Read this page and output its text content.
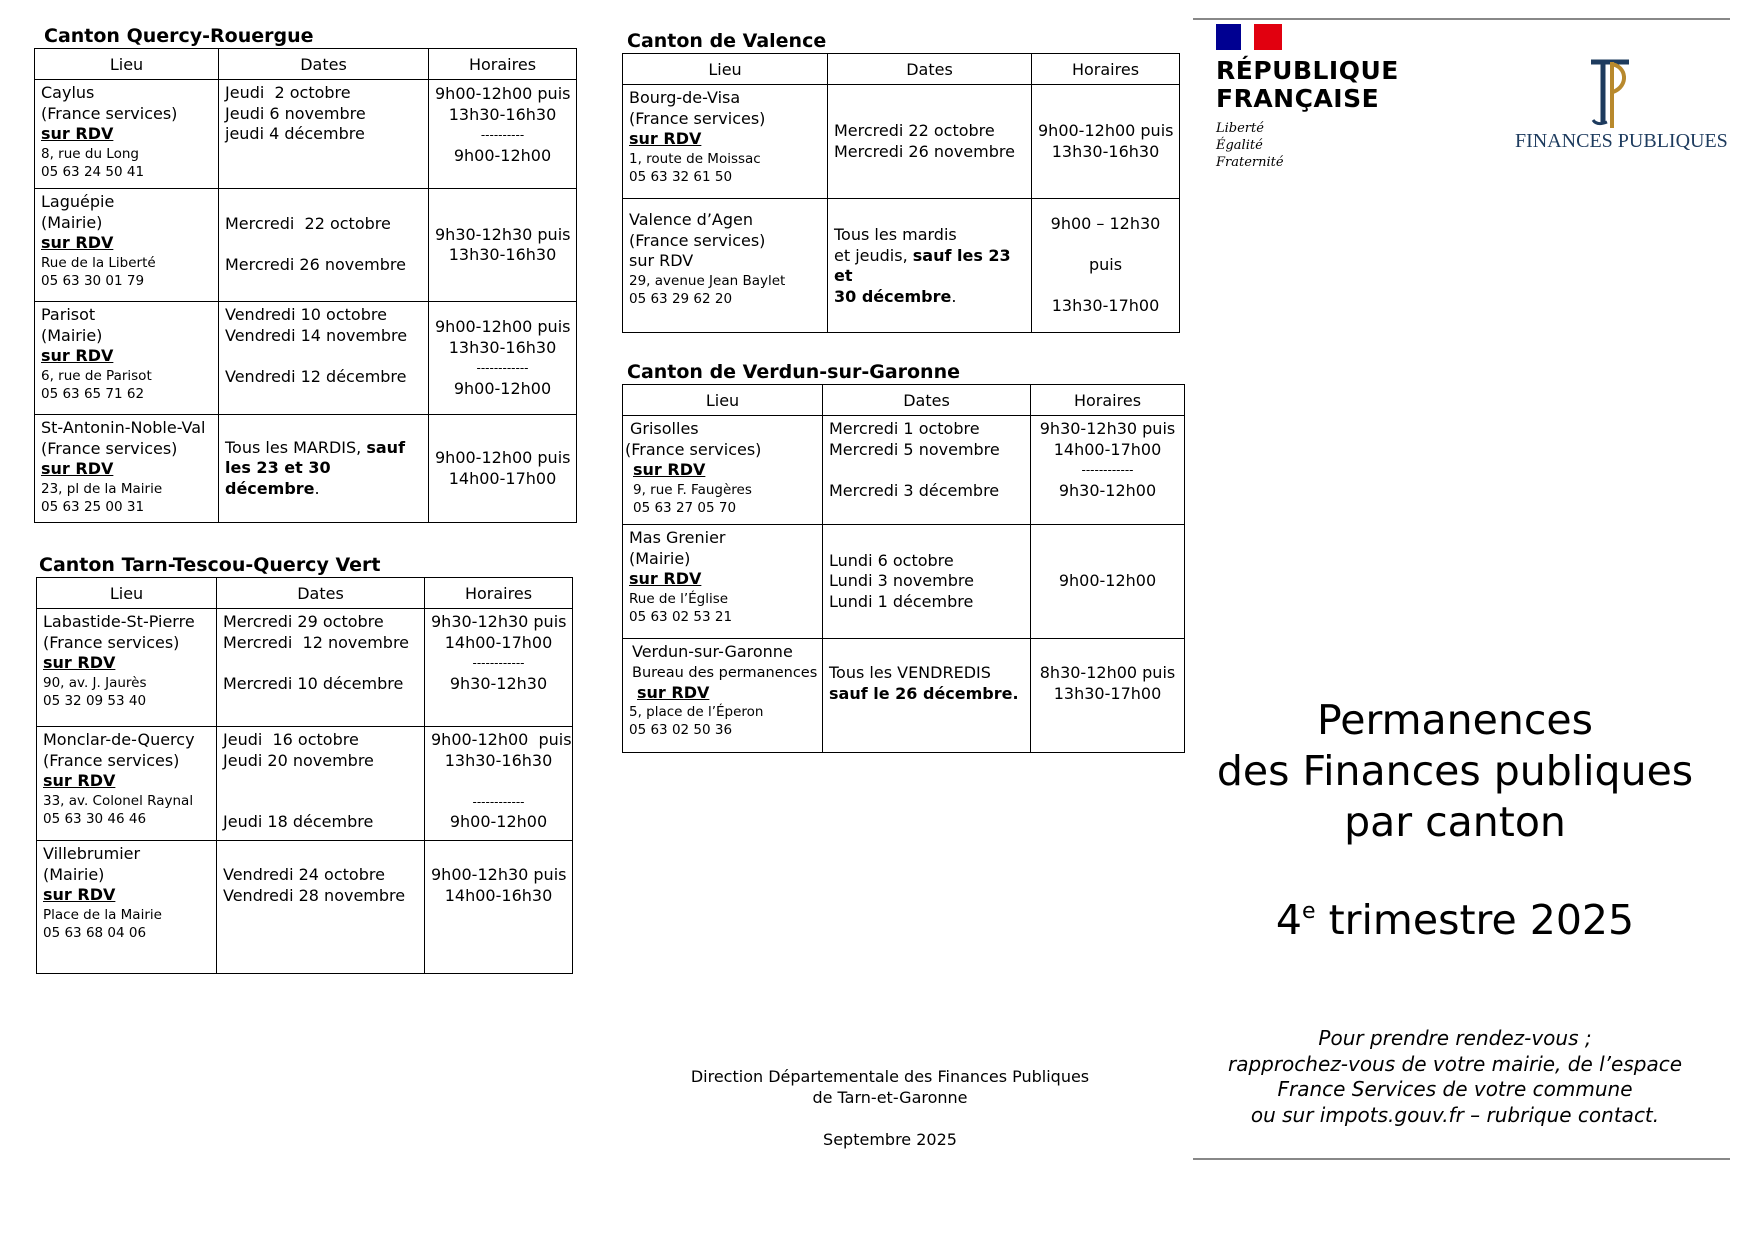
Canton Quercy-Rouergue
Lieu	Dates	Horaires

Caylus
(France services)
sur RDV
8, rue du Long
05 63 24 50 41	Jeudi  2 octobre
Jeudi 6 novembre
jeudi 4 décembre	9h00-12h00 puis
13h30-16h30
----------
9h00-12h00

Laguépie
(Mairie)
sur RDV
Rue de la Liberté
05 63 30 01 79	Mercredi  22 octobre
Mercredi 26 novembre	9h30-12h30 puis
13h30-16h30

Parisot
(Mairie)
sur RDV
6, rue de Parisot
05 63 65 71 62	Vendredi 10 octobre
Vendredi 14 novembre
Vendredi 12 décembre	9h00-12h00 puis
13h30-16h30
------------
9h00-12h00

St-Antonin-Noble-Val
(France services)
sur RDV
23, pl de la Mairie
05 63 25 00 31	Tous les MARDIS, sauf
les 23 et 30 décembre.	9h00-12h00 puis
14h00-17h00
Canton Tarn-Tescou-Quercy Vert
Lieu	Dates	Horaires

Labastide-St-Pierre
(France services)
sur RDV
90, av. J. Jaurès
05 32 09 53 40	Mercredi 29 octobre
Mercredi  12 novembre
Mercredi 10 décembre	9h30-12h30 puis
14h00-17h00
------------
9h30-12h30

Monclar-de-Quercy
(France services)
sur RDV
33, av. Colonel Raynal
05 63 30 46 46	Jeudi  16 octobre
Jeudi 20 novembre
Jeudi 18 décembre	9h00-12h00  puis
13h30-16h30
------------
9h00-12h00

Villebrumier
(Mairie)
sur RDV
Place de la Mairie
05 63 68 04 06	Vendredi 24 octobre
Vendredi 28 novembre	9h00-12h30 puis
14h00-16h30
Canton de Valence
Lieu	Dates	Horaires

Bourg-de-Visa
(France services)
sur RDV
1, route de Moissac
05 63 32 61 50	Mercredi 22 octobre
Mercredi 26 novembre	9h00-12h00 puis
13h30-16h30

Valence d’Agen
(France services)
sur RDV
29, avenue Jean Baylet
05 63 29 62 20	Tous les mardis
et jeudis, sauf les 23 et
30 décembre.	9h00 – 12h30
puis
13h30-17h00
Canton de Verdun-sur-Garonne
Lieu	Dates	Horaires

Grisolles
(France services)
sur RDV
9, rue F. Faugères
05 63 27 05 70	Mercredi 1 octobre
Mercredi 5 novembre
Mercredi 3 décembre	9h30-12h30 puis
14h00-17h00
------------
9h30-12h00

Mas Grenier
(Mairie)
sur RDV
Rue de l’Église
05 63 02 53 21	Lundi 6 octobre
Lundi 3 novembre
Lundi 1 décembre	9h00-12h00

Verdun-sur-Garonne
Bureau des permanences
sur RDV
5, place de l’Éperon
05 63 02 50 36	Tous les VENDREDIS
sauf le 26 décembre.	8h30-12h00 puis
13h30-17h00
Direction Départementale des Finances Publiques
de Tarn-et-Garonne
Septembre 2025
RÉPUBLIQUE
FRANÇAISE
Liberté
Égalité
Fraternité
FINANCES PUBLIQUES
Permanences
des Finances publiques
par canton
4e trimestre 2025
Pour prendre rendez-vous ;
rapprochez-vous de votre mairie, de l’espace
France Services de votre commune
ou sur impots.gouv.fr – rubrique contact.
